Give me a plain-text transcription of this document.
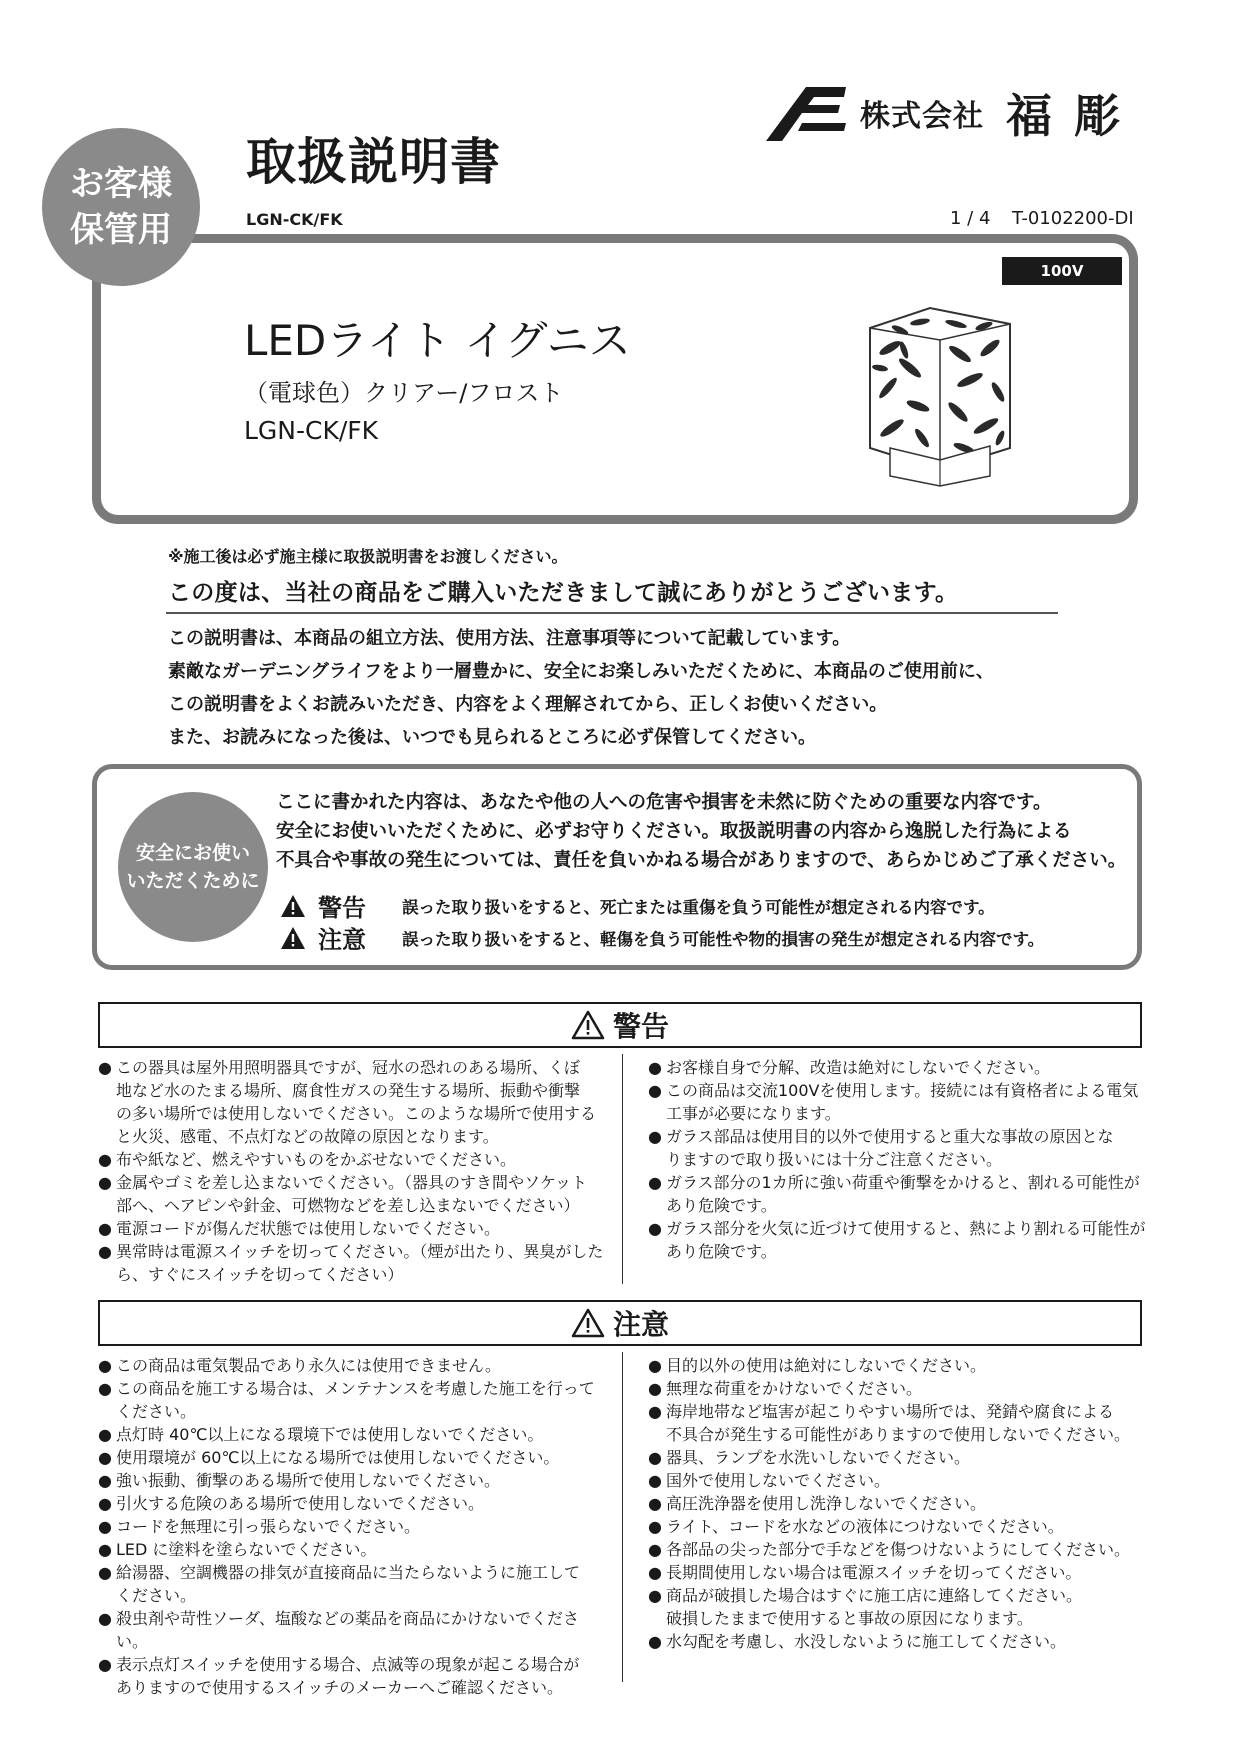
お客様
保管用
取扱説明書
株式会社 福彫
LGN-CK/FK	1 / 4 T-0102200-DI
100V
LEDライト イグニス
（電球色）クリアー/フロスト
LGN-CK/FK
※施工後は必ず施主様に取扱説明書をお渡しください。
この度は、当社の商品をご購入いただきまして誠にありがとうございます。
この説明書は、本商品の組立方法、使用方法、注意事項等について記載しています。
素敵なガーデニングライフをより一層豊かに、安全にお楽しみいただくために、本商品のご使用前に、
この説明書をよくお読みいただき、内容をよく理解されてから、正しくお使いください。
また、お読みになった後は、いつでも見られるところに必ず保管してください。
安全にお使い
いただくために
ここに書かれた内容は、あなたや他の人への危害や損害を未然に防ぐための重要な内容です。
安全にお使いいただくために、必ずお守りください。取扱説明書の内容から逸脱した行為による
不具合や事故の発生については、責任を負いかねる場合がありますので、あらかじめご了承ください。
警告	誤った取り扱いをすると、死亡または重傷を負う可能性が想定される内容です。
注意	誤った取り扱いをすると、軽傷を負う可能性や物的損害の発生が想定される内容です。
警告
● この器具は屋外用照明器具ですが、冠水の恐れのある場所、くぼ
地など水のたまる場所、腐食性ガスの発生する場所、振動や衝撃
の多い場所では使用しないでください。このような場所で使用する
と火災、感電、不点灯などの故障の原因となります。
● 布や紙など、燃えやすいものをかぶせないでください。
● 金属やゴミを差し込まないでください。（器具のすき間やソケット
部へ、ヘアピンや針金、可燃物などを差し込まないでください）
● 電源コードが傷んだ状態では使用しないでください。
● 異常時は電源スイッチを切ってください。（煙が出たり、異臭がした
ら、すぐにスイッチを切ってください）
● お客様自身で分解、改造は絶対にしないでください。
● この商品は交流100Vを使用します。接続には有資格者による電気
工事が必要になります。
● ガラス部品は使用目的以外で使用すると重大な事故の原因とな
りますので取り扱いには十分ご注意ください。
● ガラス部分の1カ所に強い荷重や衝撃をかけると、割れる可能性が
あり危険です。
● ガラス部分を火気に近づけて使用すると、熱により割れる可能性が
あり危険です。
注意
● この商品は電気製品であり永久には使用できません。
● この商品を施工する場合は、メンテナンスを考慮した施工を行って
ください。
● 点灯時 40℃以上になる環境下では使用しないでください。
● 使用環境が 60℃以上になる場所では使用しないでください。
● 強い振動、衝撃のある場所で使用しないでください。
● 引火する危険のある場所で使用しないでください。
● コードを無理に引っ張らないでください。
● LED に塗料を塗らないでください。
● 給湯器、空調機器の排気が直接商品に当たらないように施工して
ください。
● 殺虫剤や苛性ソーダ、塩酸などの薬品を商品にかけないでください。
● 表示点灯スイッチを使用する場合、点滅等の現象が起こる場合が
ありますので使用するスイッチのメーカーへご確認ください。
● 目的以外の使用は絶対にしないでください。
● 無理な荷重をかけないでください。
● 海岸地帯など塩害が起こりやすい場所では、発錆や腐食による
不具合が発生する可能性がありますので使用しないでください。
● 器具、ランプを水洗いしないでください。
● 国外で使用しないでください。
● 高圧洗浄器を使用し洗浄しないでください。
● ライト、コードを水などの液体につけないでください。
● 各部品の尖った部分で手などを傷つけないようにしてください。
● 長期間使用しない場合は電源スイッチを切ってください。
● 商品が破損した場合はすぐに施工店に連絡してください。
破損したままで使用すると事故の原因になります。
● 水勾配を考慮し、水没しないように施工してください。
